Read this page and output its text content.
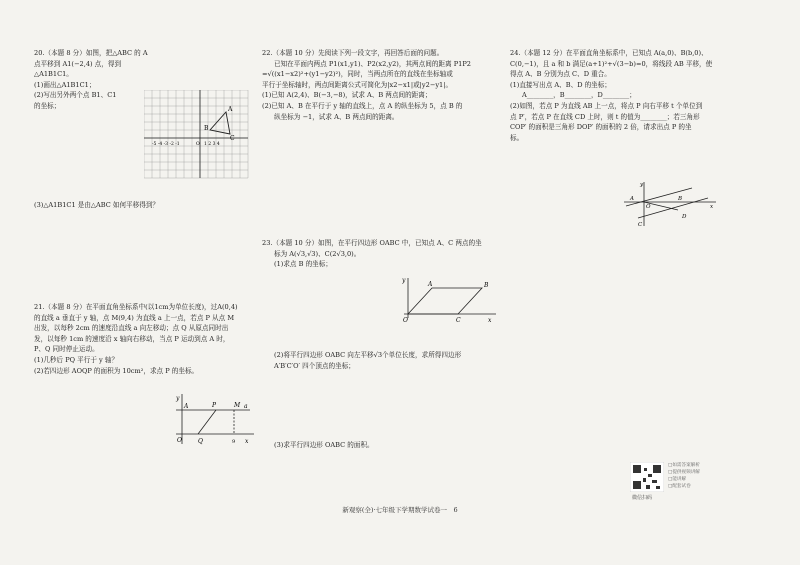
20.（本题 8 分）如图，把△ABC 的 A 点平移到 A1(−2,4) 点，得到△A1B1C1。

(1)画出△A1B1C1；

(2)写出另外两个点 B1、C1

的坐标；	A
B
C
-5 -4 -3 -2 -1	1 2 3 4
O

(3)△A1B1C1 是由△ABC 如何平移得到？

21.（本题 8 分）在平面直角坐标系中(以1cm为单位长度)，过A(0,4)

的直线 a 垂直于 y 轴，点 M(9,4) 为直线 a 上一点，若点 P 从点 M

出发，以每秒 2cm 的速度沿直线 a 向左移动；点 Q 从原点同时出

发，以每秒 1cm 的速度沿 x 轴向右移动，当点 P 运动到点 A 时，

P、Q 同时停止运动。

(1)几秒后 PQ 平行于 y 轴？

(2)若四边形 AOQP 的面积为 10cm²，求点 P 的坐标。

A	P	M
O	Q	9 x
y
a

22.（本题 10 分）先阅读下列一段文字，再回答后面的问题。

已知在平面内两点 P1(x1,y1)、P2(x2,y2)，其两点间的距离 P1P2

=√((x1−x2)²+(y1−y2)²)，同时，当两点所在的直线在坐标轴或

平行于坐标轴时，两点间距离公式可简化为|x2−x1|或|y2−y1|。

(1)已知 A(2,4)、B(−3,−8)，试求 A、B 两点间的距离；

(2)已知 A、B 在平行于 y 轴的直线上，点 A 的纵坐标为 5，点 B 的

纵坐标为 −1，试求 A、B 两点间的距离。

23.（本题 10 分）如图，在平行四边形 OABC 中，已知点 A、C 两点的坐

标为 A(√3,√3)、C(2√3,0)。

(1)求点 B 的坐标；

A	B
C
O	x
y

(2)将平行四边形 OABC 向左平移√3个单位长度，求所得四边形

A′B′C′O′ 四个顶点的坐标；

(3)求平行四边形 OABC 的面积。

24.（本题 12 分）在平面直角坐标系中，已知点 A(a,0)、B(b,0)、

C(0,−1)，且 a 和 b 满足(a+1)²+√(3−b)=0，将线段 AB 平移，使

得点 A、B 分别为点 C、D 重合。

(1)直接写出点 A、B、D 的坐标；

A________，B________，D________；

(2)如图，若点 P 为直线 AB 上一点，将点 P 向右平移 t 个单位到

点 P′，若点 P 在直线 CD 上时，则 t 的值为________；若三角形

COP′ 的面积是三角形 DOP′ 的面积的 2 倍，请求出点 P 的坐

标。

A
O
B
C
D
x
y
□如需答案解析
□提供视频讲解
□能讲解
□配套试卷
微信扫码
新观察(全)·七年级下学期数学试卷一　6
